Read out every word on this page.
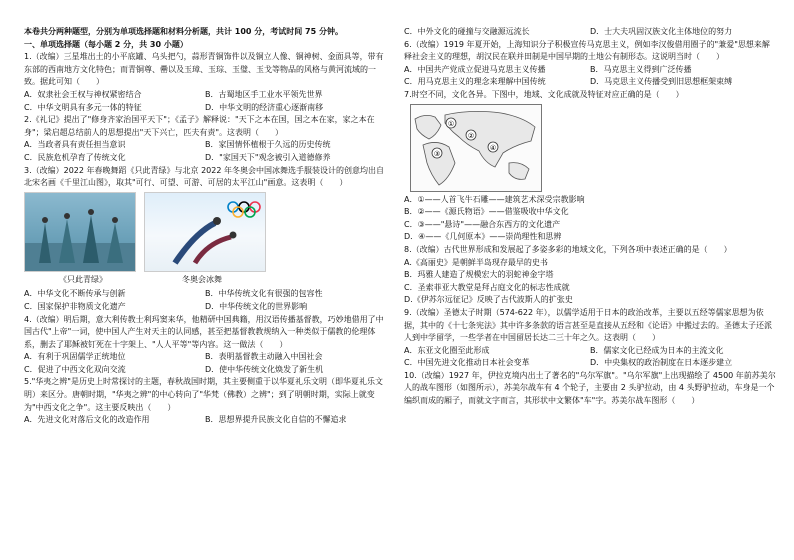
本卷共分两种题型，分别为单项选择题和材料分析题，共计 100 分，考试时间 75 分钟。

一、单项选择题（每小题 2 分，共 30 小题）

1.（改编）三星堆出土的小平底罐、乌头把勺，蒜形青铜饰件以及铜立人像、铜神树、金面具等，带有东部的西南地方文化特色；而青铜尊、罍以及玉璋、玉琮、玉璧、玉戈等物品的风格与黄河流域的一致。据此可知（　　）

A．奴隶社会王权与神权紧密结合	B．古蜀地区手工业水平领先世界
C．中华文明具有多元一体的特征	D．中华文明的经济重心逐渐南移

2.《礼记》提出了"修身齐家治国平天下"；《孟子》解释说："天下之本在国，国之本在家，家之本在身"；梁启超总结前人的思想提出"天下兴亡，匹夫有责"。这表明（　　）

A．当政者具有责任担当意识	B．家国情怀植根于久远的历史传统
C．民族危机孕育了传统文化	D．"家国天下"观念被引入道德修养

3.（改编）2022 年春晚舞蹈《只此青绿》与北京 2022 年冬奥会中国冰舞选手服装设计的创意均出自北宋名画《千里江山图》，取其"可行、可望、可游、可居的太平江山"画意。这表明（　　）

《只此青绿》	冬奥会冰舞
A．中华文化不断传承与创新	B．中华传统文化有很强的包容性
C．国家保护非物质文化遗产	D．中华传统文化的世界影响

4.（改编）明后期，意大利传教士利玛窦来华，他精研中国典籍，用汉语传播基督教，巧妙地借用了中国古代"上帝"一词，使中国人产生对天主的认同感，甚至把基督教教规纳入一种类似于儒教的伦理体系，删去了耶稣被钉死在十字架上、"人人平等"等内容。这一做法（　　）

A．有利于巩固儒学正统地位	B．表明基督教主动融入中国社会
C．促进了中西文化双向交流	D．使中华传统文化焕发了新生机

5."华夷之辨"是历史上时常探讨的主题，春秋战国时期，其主要侧重于以华夏礼乐文明（即华夏礼乐文明）来区分。唐朝时期，"华夷之辨"的中心转向了"华梵（佛教）之辨"；到了明朝时期，实际上就变为"中西文化之争"。这主要反映出（　　）

A．先进文化对落后文化的改造作用	B．思想界提升民族文化自信的不懈追求
C．中外文化的碰撞与交融源远流长	D．士大夫巩固汉族文化主体地位的努力

6.（改编）1919 年夏开始，上海知识分子积极宣传马克思主义，例如李汉俊借用圈子的"兼爱"思想来解释社会主义的理想，胡汉民在联并田制是中国早期的土地公有制形态。这说明当时（　　）

A．中国共产党成立促进马克思主义传播	B．马克思主义得到广泛传播
C．用马克思主义的理念来理解中国传统	D．马克思主义传播受到旧思想框架束缚

7.时空不同，文化各异。下图中，地域、文化成就及特征对应正确的是（　　）

①
②
③
④
A．①——人首飞牛石雕——建筑艺术深受宗教影响
B．②——《源氏物语》——借鉴吸收中华文化
C．③——"悬诗"——融合东西方的文化遗产
D．④——《几何原本》——崇尚理性和思辨

8.（改编）古代世界形成和发展起了多姿多彩的地域文化，下列各项中表述正确的是（　　）

A.《高丽史》是朝鲜半岛现存最早的史书
B．玛雅人建造了规模宏大的羽蛇神金字塔
C．圣索菲亚大教堂是拜占庭文化的标志性成就
D.《伊苏尔远征记》反映了古代波斯人的扩张史

9.（改编）圣德太子时期（574-622 年），以儒学适用于日本的政治改革，主要以五经等儒家思想为依据，其中的《十七条宪法》其中许多条款的语言甚至是直接从五经和《论语》中搬过去的。圣德太子还派人到中学留学，一些学者在中国留居长达二三十年之久。这表明（　　）

A．东亚文化圈至此形成	B．儒家文化已经成为日本的主流文化
C．中国先进文化推动日本社会变革	D．中央集权的政治制度在日本逐步建立

10.（改编）1927 年，伊拉克境内出土了著名的"乌尔军旗"。"乌尔军旗"上出现描绘了 4500 年前苏美尔人的战车图形（如图所示），苏美尔战车有 4 个轮子，主要由 2 头驴拉动，由 4 头野驴拉动，车身是一个编织而成的厢子，而就文字而言，其形状中文繁体"车"字。苏美尔战车图形（　　）
